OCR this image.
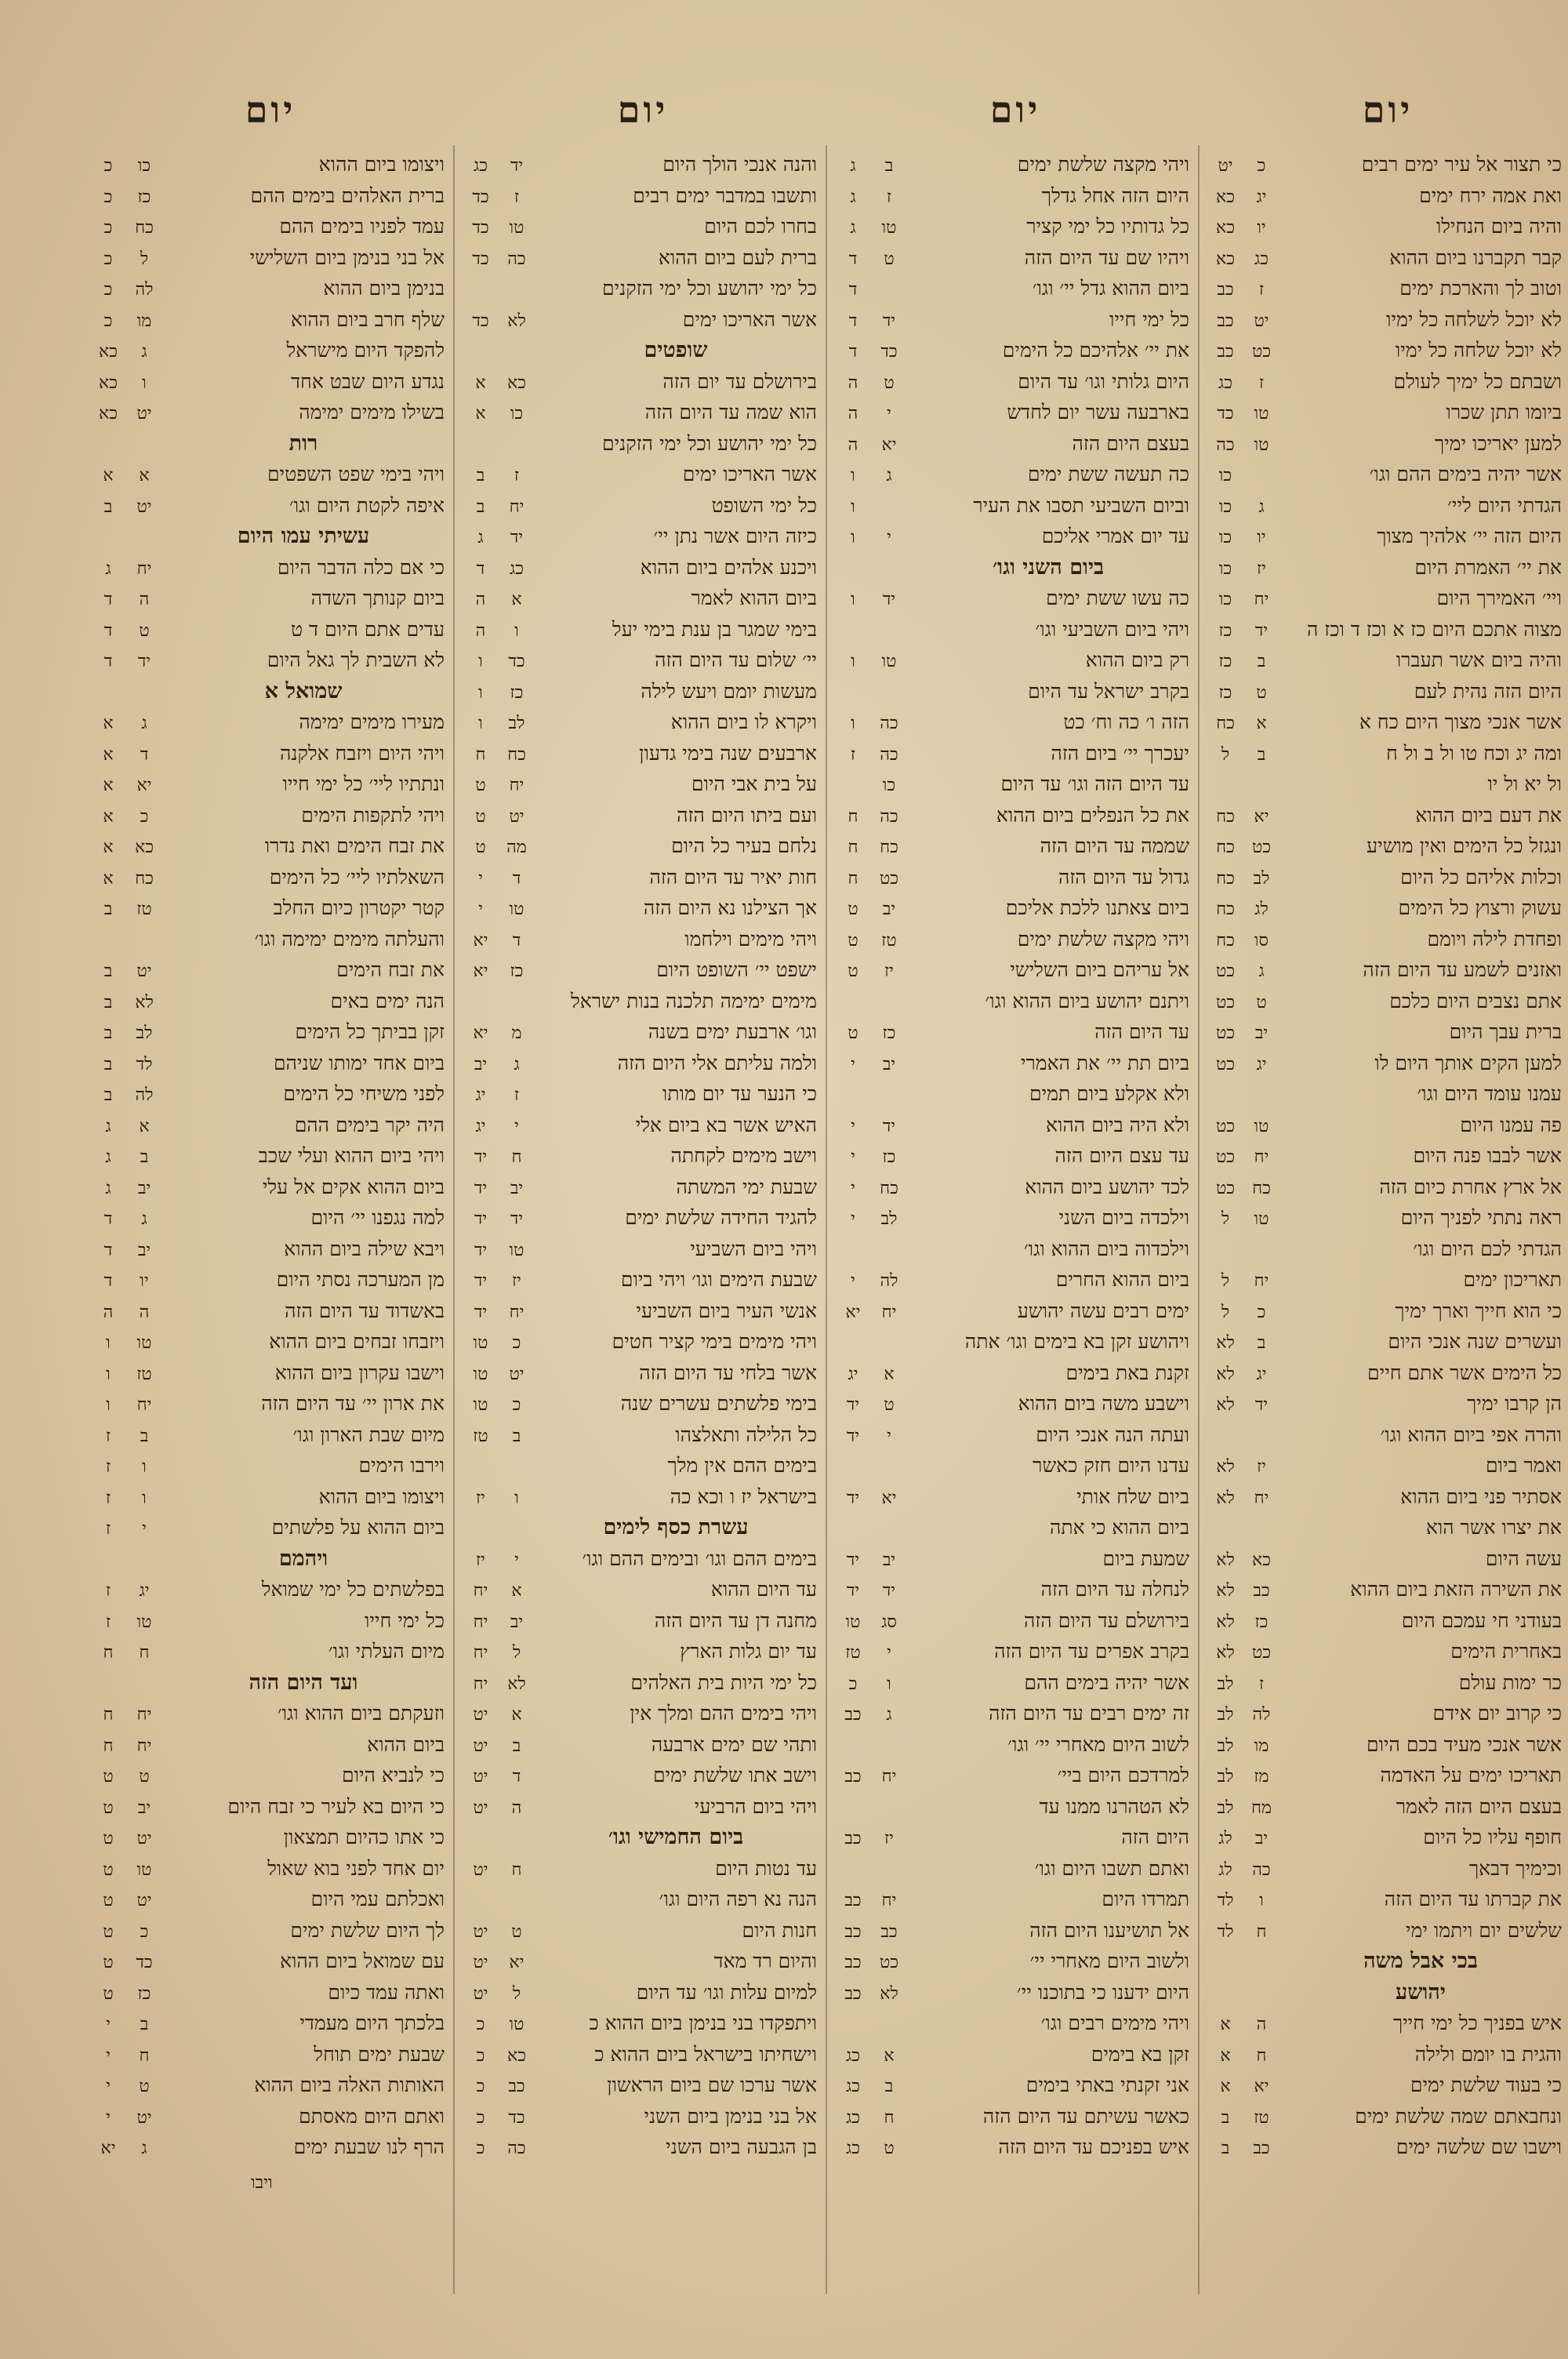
יום
כי תצור אל עיר ימים רבים
כ
יט
ואת אמה ירח ימים
יג
כא
והיה ביום הנחילו
יו
כא
קבר תקברנו ביום ההוא
כג
כא
וטוב לך והארכת ימים
ז
כב
לא יוכל לשלחה כל ימיו
יט
כב
לא יוכל שלחה כל ימיו
כט
כב
ושבתם כל ימיך לעולם
ז
כג
ביומו תתן שכרו
טו
כד
למען יאריכו ימיך
טו
כה
אשר יהיה בימים ההם וגו׳
כו
הגדתי היום ליי׳
ג
כו
היום הזה יי׳ אלהיך מצוך
יו
כו
את יי׳ האמרת היום
יז
כו
ויי׳ האמירך היום
יח
כו
מצוה אתכם היום כז א וכז ד וכז ה
יד
כז
והיה ביום אשר תעברו
ב
כז
היום הזה נהית לעם
ט
כז
אשר אנכי מצוך היום כח א
א
כח
ומה יג וכח טו ול ב ול ח
ב
ל
ול יא ול יו
את דעם ביום ההוא
יא
כח
ונגזל כל הימים ואין מושיע
כט
כח
וכלות אליהם כל היום
לב
כח
עשוק ורצוץ כל הימים
לג
כח
ופחדת לילה ויומם
סו
כח
ואזנים לשמע עד היום הזה
ג
כט
אתם נצבים היום כלכם
ט
כט
ברית עבך היום
יב
כט
למען הקים אותך היום לו
יג
כט
עמנו עומד היום וגו׳
פה עמנו היום
טו
כט
אשר לבבו פנה היום
יח
כט
אל ארץ אחרת כיום הזה
כח
כט
ראה נתתי לפניך היום
טו
ל
הגדתי לכם היום וגו׳
תאריכון ימים
יח
ל
כי הוא חייך וארך ימיך
כ
ל
ועשרים שנה אנכי היום
ב
לא
כל הימים אשר אתם חיים
יג
לא
הן קרבו ימיך
יד
לא
והרה אפי ביום ההוא וגו׳
ואמר ביום
יז
לא
אסתיר פני ביום ההוא
יח
לא
את יצרו אשר הוא
עשה היום
כא
לא
את השירה הזאת ביום ההוא
כב
לא
בעודני חי עמכם היום
כז
לא
באחרית הימים
כט
לא
כר ימות עולם
ז
לב
כי קרוב יום אידם
לה
לב
אשר אנכי מעיד בכם היום
מו
לב
תאריכו ימים על האדמה
מז
לב
בעצם היום הזה לאמר
מח
לב
חופף עליו כל היום
יב
לג
וכימיך דבאך
כה
לג
את קברתו עד היום הזה
ו
לד
שלשים יום ויתמו ימי
ח
לד
בכי אבל משה
יהושע
איש בפניך כל ימי חייך
ה
א
והגית בו יומם ולילה
ח
א
כי בעוד שלשת ימים
יא
א
ונחבאתם שמה שלשת ימים
טז
ב
וישבו שם שלשה ימים
כב
ב
יום
ויהי מקצה שלשת ימים
ב
ג
היום הזה אחל גדלך
ז
ג
כל גדותיו כל ימי קציר
טו
ג
ויהיו שם עד היום הזה
ט
ד
ביום ההוא גדל יי׳ וגו׳
ד
כל ימי חייו
יד
ד
את יי׳ אלהיכם כל הימים
כד
ד
היום גלותי וגו׳ עד היום
ט
ה
בארבעה עשר יום לחדש
י
ה
בעצם היום הזה
יא
ה
כה תעשה ששת ימים
ג
ו
וביום השביעי תסבו את העיר
ו
עד יום אמרי אליכם
י
ו
ביום השני וגו׳
כה עשו ששת ימים
יד
ו
ויהי ביום השביעי וגו׳
רק ביום ההוא
טו
ו
בקרב ישראל עד היום
הזה ו׳ כה וח׳ כט
כה
ו
יעכרך יי׳ ביום הזה
כה
ז
עד היום הזה וגו׳ עד היום
כו
את כל הנפלים ביום ההוא
כה
ח
שממה עד היום הזה
כח
ח
גדול עד היום הזה
כט
ח
ביום צאתנו ללכת אליכם
יב
ט
ויהי מקצה שלשת ימים
טז
ט
אל עריהם ביום השלישי
יז
ט
ויתנם יהושע ביום ההוא וגו׳
עד היום הזה
כז
ט
ביום תת יי׳ את האמרי
יב
י
ולא אקלע ביום תמים
ולא היה ביום ההוא
יד
י
עד עצם היום הזה
כז
י
לכד יהושע ביום ההוא
כח
י
וילכדה ביום השני
לב
י
וילכדוה ביום ההוא וגו׳
ביום ההוא החרים
לה
י
ימים רבים עשה יהושע
יח
יא
ויהושע זקן בא בימים וגו׳ אתה
זקנת באת בימים
א
יג
וישבע משה ביום ההוא
ט
יד
ועתה הנה אנכי היום
י
יד
עדנו היום חזק כאשר
ביום שלח אותי
יא
יד
ביום ההוא כי אתה
שמעת ביום
יב
יד
לנחלה עד היום הזה
יד
יד
בירושלם עד היום הזה
סג
טו
בקרב אפרים עד היום הזה
י
טז
אשר יהיה בימים ההם
ו
כ
זה ימים רבים עד היום הזה
ג
כב
לשוב היום מאחרי יי׳ וגו׳
למרדכם היום ביי׳
יח
כב
לא הטהרנו ממנו עד
היום הזה
יז
כב
ואתם תשבו היום וגו׳
תמרדו היום
יח
כב
אל תושיענו היום הזה
כב
כב
ולשוב היום מאחרי יי׳
כט
כב
היום ידענו כי בתוכנו יי׳
לא
כב
ויהי מימים רבים וגו׳
זקן בא בימים
א
כג
אני זקנתי באתי בימים
ב
כג
כאשר עשיתם עד היום הזה
ח
כג
איש בפניכם עד היום הזה
ט
כג
יום
והנה אנכי הולך היום
יד
כג
ותשבו במדבר ימים רבים
ז
כד
בחרו לכם היום
טו
כד
ברית לעם ביום ההוא
כה
כד
כל ימי יהושע וכל ימי הזקנים
אשר האריכו ימים
לא
כד
שופטים
בירושלם עד יום הזה
כא
א
הוא שמה עד היום הזה
כו
א
כל ימי יהושע וכל ימי הזקנים
אשר האריכו ימים
ז
ב
כל ימי השופט
יח
ב
כיזה היום אשר נתן יי׳
יד
ג
ויכנע אלהים ביום ההוא
כג
ד
ביום ההוא לאמר
א
ה
בימי שמגר בן ענת בימי יעל
ו
ה
יי׳ שלום עד היום הזה
כד
ו
מעשות יומם ויעש לילה
כז
ו
ויקרא לו ביום ההוא
לב
ו
ארבעים שנה בימי גדעון
כח
ח
על בית אבי היום
יח
ט
ועם ביתו היום הזה
יט
ט
נלחם בעיר כל היום
מה
ט
חות יאיר עד היום הזה
ד
י
אך הצילנו נא היום הזה
טו
י
ויהי מימים וילחמו
ד
יא
ישפט יי׳ השופט היום
כז
יא
מימים ימימה תלכנה בנות ישראל
וגו׳ ארבעת ימים בשנה
מ
יא
ולמה עליתם אלי היום הזה
ג
יב
כי הנער עד יום מותו
ז
יג
האיש אשר בא ביום אלי
י
יג
וישב מימים לקחתה
ח
יד
שבעת ימי המשתה
יב
יד
להגיד החידה שלשת ימים
יד
יד
ויהי ביום השביעי
טו
יד
שבעת הימים וגו׳ ויהי ביום
יז
יד
אנשי העיר ביום השביעי
יח
יד
ויהי מימים בימי קציר חטים
כ
טו
אשר בלחי עד היום הזה
יט
טו
בימי פלשתים עשרים שנה
כ
טו
כל הלילה ותאלצהו
ב
טז
בימים ההם אין מלך
בישראל יז ו וכא כה
ו
יז
עשרת כסף לימים
בימים ההם וגו׳ ובימים ההם וגו׳
י
יז
עד היום ההוא
א
יח
מחנה דן עד היום הזה
יב
יח
עד יום גלות הארץ
ל
יח
כל ימי היות בית האלהים
לא
יח
ויהי בימים ההם ומלך אין
א
יט
ותהי שם ימים ארבעה
ב
יט
וישב אתו שלשת ימים
ד
יט
ויהי ביום הרביעי
ה
יט
ביום החמישי וגו׳
עד נטות היום
ח
יט
הנה נא רפה היום וגו׳
חנות היום
ט
יט
והיום רד מאד
יא
יט
למיום עלות וגו׳ עד היום
ל
יט
ויתפקדו בני בנימן ביום ההוא כ
טו
כ
וישחיתו בישראל ביום ההוא כ
כא
כ
אשר ערכו שם ביום הראשון
כב
כ
אל בני בנימן ביום השני
כד
כ
בן הגבעה ביום השני
כה
כ
יום
ויצומו ביום ההוא
כו
כ
ברית האלהים בימים ההם
כז
כ
עמד לפניו בימים ההם
כח
כ
אל בני בנימן ביום השלישי
ל
כ
בנימן ביום ההוא
לה
כ
שלף חרב ביום ההוא
מו
כ
להפקד היום מישראל
ג
כא
נגדע היום שבט אחד
ו
כא
בשילו מימים ימימה
יט
כא
רות
ויהי בימי שפט השפטים
א
א
איפה לקטת היום וגו׳
יט
ב
עשיתי עמו היום
כי אם כלה הדבר היום
יח
ג
ביום קנותך השדה
ה
ד
עדים אתם היום ד ט
ט
ד
לא השבית לך גאל היום
יד
ד
שמואל א
מעירו מימים ימימה
ג
א
ויהי היום ויזבח אלקנה
ד
א
ונתתיו ליי׳ כל ימי חייו
יא
א
ויהי לתקפות הימים
כ
א
את זבח הימים ואת נדרו
כא
א
השאלתיו ליי׳ כל הימים
כח
א
קטר יקטרון כיום החלב
טז
ב
והעלתה מימים ימימה וגו׳
את זבח הימים
יט
ב
הנה ימים באים
לא
ב
זקן בביתך כל הימים
לב
ב
ביום אחד ימותו שניהם
לד
ב
לפני משיחי כל הימים
לה
ב
היה יקר בימים ההם
א
ג
ויהי ביום ההוא ועלי שכב
ב
ג
ביום ההוא אקים אל עלי
יב
ג
למה נגפנו יי׳ היום
ג
ד
ויבא שילה ביום ההוא
יב
ד
מן המערכה נסתי היום
יו
ד
באשדוד עד היום הזה
ה
ה
ויזבחו זבחים ביום ההוא
טו
ו
וישבו עקרון ביום ההוא
טז
ו
את ארון יי׳ עד היום הזה
יח
ו
מיום שבת הארון וגו׳
ב
ז
וירבו הימים
ו
ז
ויצומו ביום ההוא
ו
ז
ביום ההוא על פלשתים
י
ז
ויהמם
בפלשתים כל ימי שמואל
יג
ז
כל ימי חייו
טו
ז
מיום העלתי וגו׳
ח
ח
ועד היום הזה
וזעקתם ביום ההוא וגו׳
יח
ח
ביום ההוא
יח
ח
כי לנביא היום
ט
ט
כי היום בא לעיר כי זבח היום
יב
ט
כי אתו כהיום תמצאון
יט
ט
יום אחד לפני בוא שאול
טו
ט
ואכלתם עמי היום
יט
ט
לך היום שלשת ימים
כ
ט
עם שמואל ביום ההוא
כד
ט
ואתה עמד כיום
כז
ט
בלכתך היום מעמדי
ב
י
שבעת ימים תוחל
ח
י
האותות האלה ביום ההוא
ט
י
ואתם היום מאסתם
יט
י
הרף לנו שבעת ימים
ג
יא
ויבו
